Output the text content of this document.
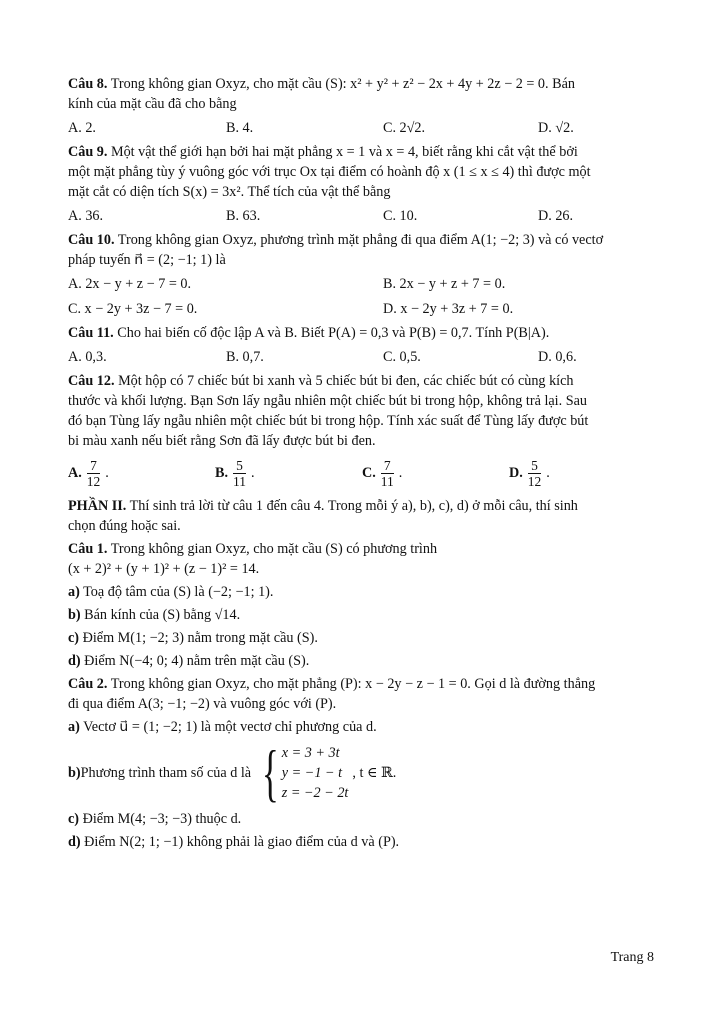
Câu 8. Trong không gian Oxyz, cho mặt cầu (S): x² + y² + z² − 2x + 4y + 2z − 2 = 0. Bán
kính của mặt cầu đã cho bằng
A. 2.	B. 4.	C. 2√2.	D. √2.
Câu 9. Một vật thể giới hạn bởi hai mặt phẳng x = 1 và x = 4, biết rằng khi cắt vật thể bởi
một mặt phẳng tùy ý vuông góc với trục Ox tại điểm có hoành độ x (1 ≤ x ≤ 4) thì được một
mặt cắt có diện tích S(x) = 3x². Thể tích của vật thể bằng
A. 36.	B. 63.	C. 10.	D. 26.
Câu 10. Trong không gian Oxyz, phương trình mặt phẳng đi qua điểm A(1; −2; 3) và có vectơ
pháp tuyến n⃗ = (2; −1; 1) là
A. 2x − y + z − 7 = 0.	B. 2x − y + z + 7 = 0.
C. x − 2y + 3z − 7 = 0.	D. x − 2y + 3z + 7 = 0.
Câu 11. Cho hai biến cố độc lập A và B. Biết P(A) = 0,3 và P(B) = 0,7. Tính P(B|A).
A. 0,3.	B. 0,7.	C. 0,5.	D. 0,6.
Câu 12. Một hộp có 7 chiếc bút bi xanh và 5 chiếc bút bi đen, các chiếc bút có cùng kích
thước và khối lượng. Bạn Sơn lấy ngẫu nhiên một chiếc bút bi trong hộp, không trả lại. Sau
đó bạn Tùng lấy ngẫu nhiên một chiếc bút bi trong hộp. Tính xác suất để Tùng lấy được bút
bi màu xanh nếu biết rằng Sơn đã lấy được bút bi đen.
A. $\frac{7}{12}$ .	B. $\frac{5}{11}$ .	C. $\frac{7}{11}$ .	D. $\frac{5}{12}$ .
PHẦN II. Thí sinh trả lời từ câu 1 đến câu 4. Trong mỗi ý a), b), c), d) ở mỗi câu, thí sinh
chọn đúng hoặc sai.
Câu 1. Trong không gian Oxyz, cho mặt cầu (S) có phương trình
(x + 2)² + (y + 1)² + (z − 1)² = 14.
a) Toạ độ tâm của (S) là (−2; −1; 1).
b) Bán kính của (S) bằng √14.
c) Điểm M(1; −2; 3) nằm trong mặt cầu (S).
d) Điểm N(−4; 0; 4) nằm trên mặt cầu (S).
Câu 2. Trong không gian Oxyz, cho mặt phẳng (P): x − 2y − z − 1 = 0. Gọi d là đường thẳng
đi qua điểm A(3; −1; −2) và vuông góc với (P).
a) Vectơ u⃗ = (1; −2; 1) là một vectơ chỉ phương của d.
b) Phương trình tham số của d là { x = 3 + 3t
y = −1 − t
z = −2 − 2t
, t ∈ ℝ.
c) Điểm M(4; −3; −3) thuộc d.
d) Điểm N(2; 1; −1) không phải là giao điểm của d và (P).
Trang 8
